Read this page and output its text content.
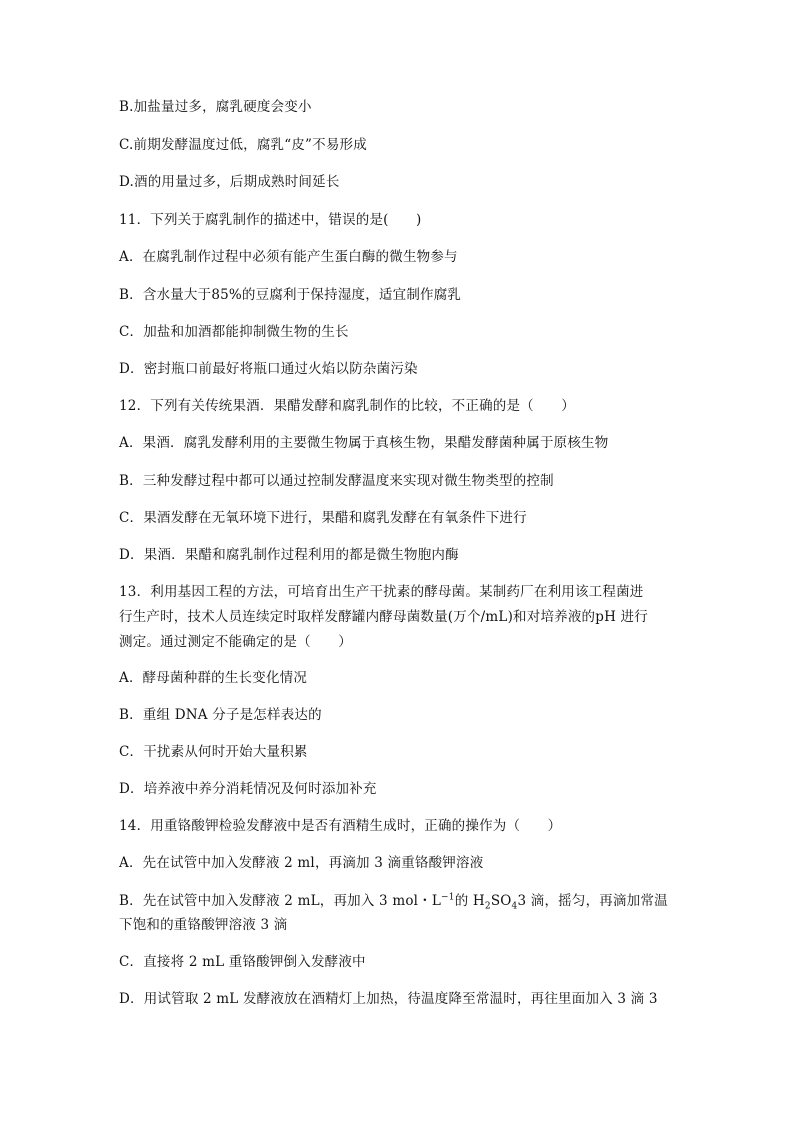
B.加盐量过多，腐乳硬度会变小
C.前期发酵温度过低，腐乳“皮”不易形成
D.酒的用量过多，后期成熟时间延长
11．下列关于腐乳制作的描述中，错误的是(　　)
A．在腐乳制作过程中必须有能产生蛋白酶的微生物参与
B．含水量大于85%的豆腐利于保持湿度，适宜制作腐乳
C．加盐和加酒都能抑制微生物的生长
D．密封瓶口前最好将瓶口通过火焰以防杂菌污染
12．下列有关传统果酒．果醋发酵和腐乳制作的比较，不正确的是（　　）
A．果酒．腐乳发酵利用的主要微生物属于真核生物，果醋发酵菌种属于原核生物
B．三种发酵过程中都可以通过控制发酵温度来实现对微生物类型的控制
C．果酒发酵在无氧环境下进行，果醋和腐乳发酵在有氧条件下进行
D．果酒．果醋和腐乳制作过程利用的都是微生物胞内酶
13．利用基因工程的方法，可培育出生产干扰素的酵母菌。某制药厂在利用该工程菌进
行生产时，技术人员连续定时取样发酵罐内酵母菌数量(万个/mL)和对培养液的pH 进行
测定。通过测定不能确定的是（　　）
A．酵母菌种群的生长变化情况
B．重组 DNA 分子是怎样表达的
C．干扰素从何时开始大量积累
D．培养液中养分消耗情况及何时添加补充
14．用重铬酸钾检验发酵液中是否有酒精生成时，正确的操作为（　　）
A．先在试管中加入发酵液 2 ml，再滴加 3 滴重铬酸钾溶液
B．先在试管中加入发酵液 2 mL，再加入 3 mol・$L^{-1}$的 $H_2SO_43$ 滴，摇匀，再滴加常温
下饱和的重铬酸钾溶液 3 滴
C．直接将 2 mL 重铬酸钾倒入发酵液中
D．用试管取 2 mL 发酵液放在酒精灯上加热，待温度降至常温时，再往里面加入 3 滴 3
